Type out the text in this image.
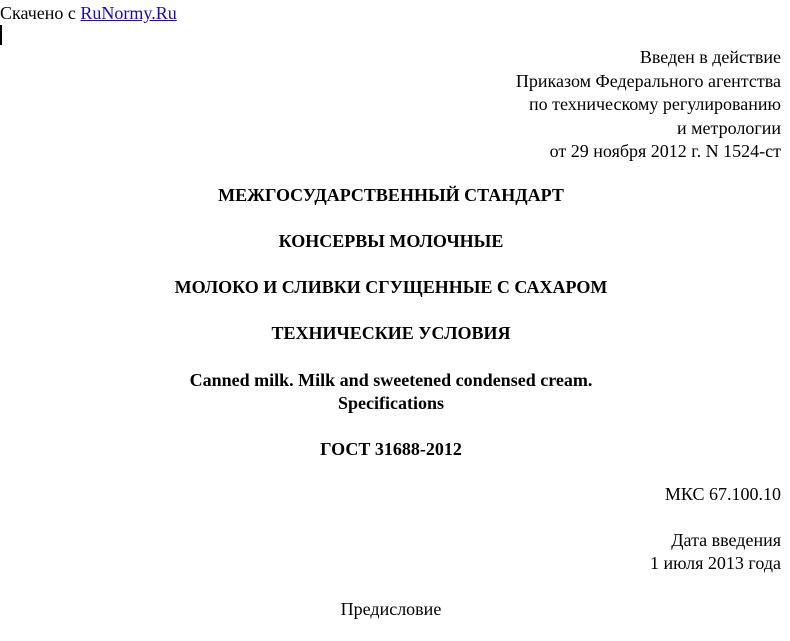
Скачено с RuNormy.Ru
Введен в действие
Приказом Федерального агентства
по техническому регулированию
и метрологии
от 29 ноября 2012 г. N 1524-ст
МЕЖГОСУДАРСТВЕННЫЙ СТАНДАРТ
КОНСЕРВЫ МОЛОЧНЫЕ
МОЛОКО И СЛИВКИ СГУЩЕННЫЕ С САХАРОМ
ТЕХНИЧЕСКИЕ УСЛОВИЯ
Canned milk. Milk and sweetened condensed cream.
Specifications
ГОСТ 31688-2012
МКС 67.100.10
Дата введения
1 июля 2013 года
Предисловие
